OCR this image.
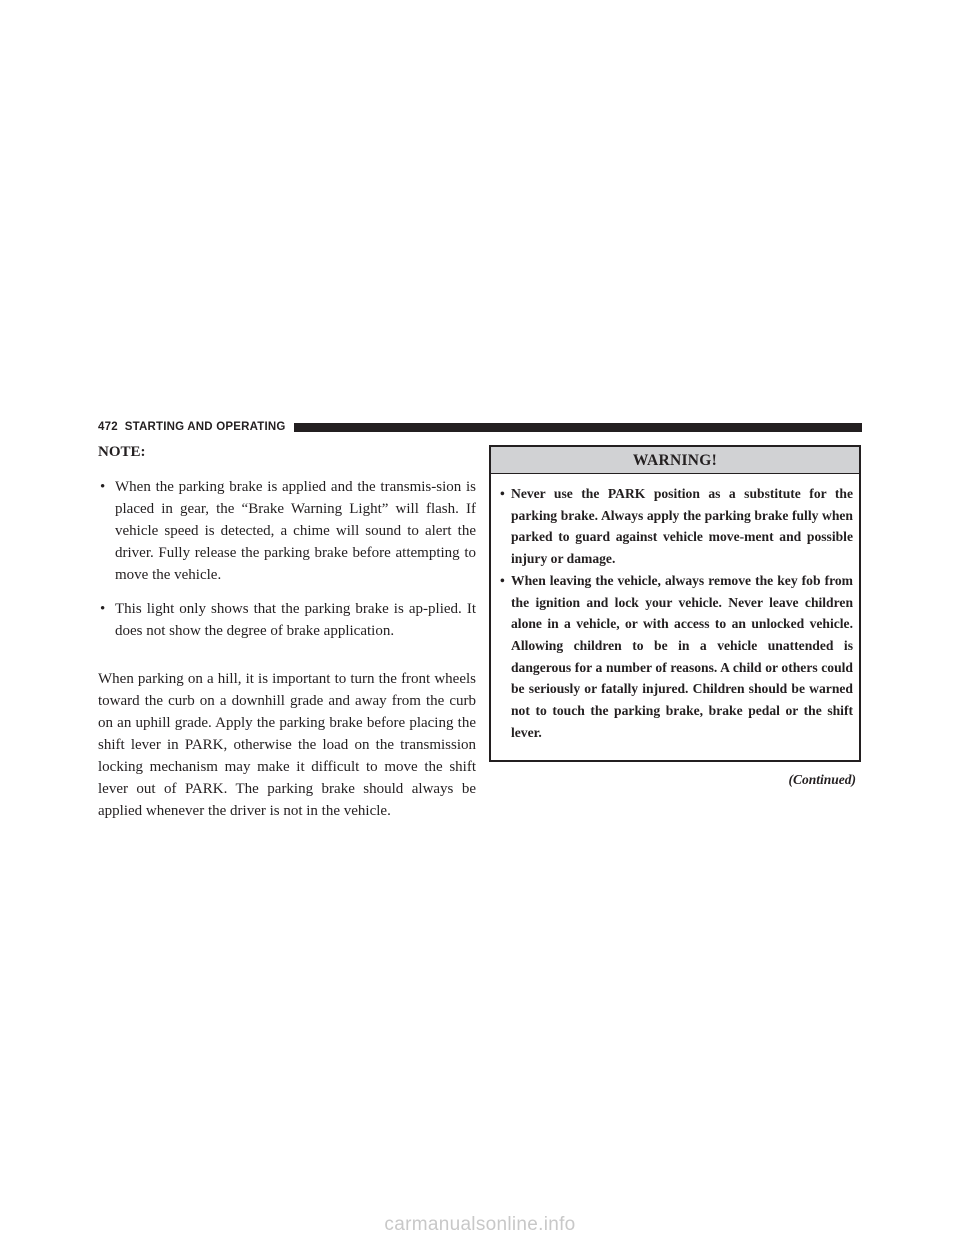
472 STARTING AND OPERATING
NOTE:
• When the parking brake is applied and the transmis-sion is placed in gear, the “Brake Warning Light” will flash. If vehicle speed is detected, a chime will sound to alert the driver. Fully release the parking brake before attempting to move the vehicle.
• This light only shows that the parking brake is ap-plied. It does not show the degree of brake application.

When parking on a hill, it is important to turn the front wheels toward the curb on a downhill grade and away from the curb on an uphill grade. Apply the parking brake before placing the shift lever in PARK, otherwise the load on the transmission locking mechanism may make it difficult to move the shift lever out of PARK. The parking brake should always be applied whenever the driver is not in the vehicle.

WARNING!
• Never use the PARK position as a substitute for the parking brake. Always apply the parking brake fully when parked to guard against vehicle move-ment and possible injury or damage.
• When leaving the vehicle, always remove the key fob from the ignition and lock your vehicle. Never leave children alone in a vehicle, or with access to an unlocked vehicle. Allowing children to be in a vehicle unattended is dangerous for a number of reasons. A child or others could be seriously or fatally injured. Children should be warned not to touch the parking brake, brake pedal or the shift lever.
(Continued)
carmanualsonline.info
